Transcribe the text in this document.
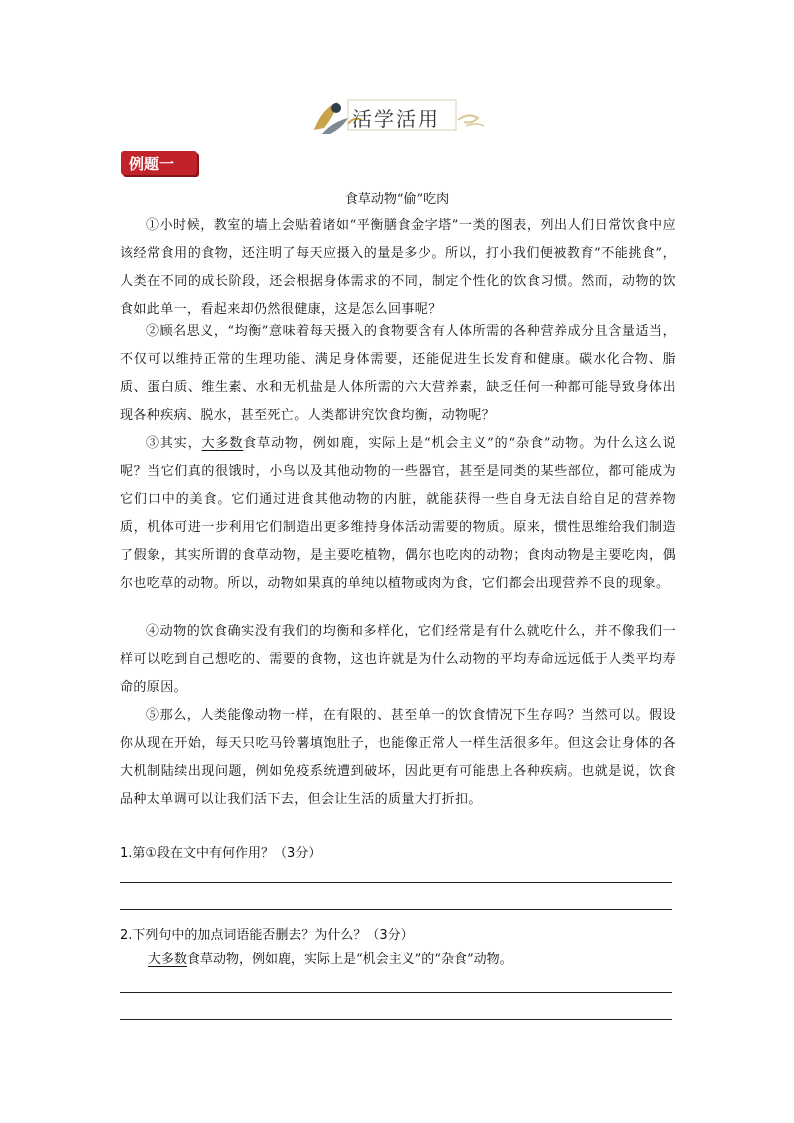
活学活用
例题一
食草动物“偷”吃肉
①小时候，教室的墙上会贴着诸如“平衡膳食金字塔”一类的图表，列出人们日常饮食中应该经常食用的食物，还注明了每天应摄入的量是多少。所以，打小我们便被教育“不能挑食”，人类在不同的成长阶段，还会根据身体需求的不同，制定个性化的饮食习惯。然而，动物的饮食如此单一，看起来却仍然很健康，这是怎么回事呢？
②顾名思义，“均衡”意味着每天摄入的食物要含有人体所需的各种营养成分且含量适当，不仅可以维持正常的生理功能、满足身体需要，还能促进生长发育和健康。碳水化合物、脂质、蛋白质、维生素、水和无机盐是人体所需的六大营养素，缺乏任何一种都可能导致身体出现各种疾病、脱水，甚至死亡。人类都讲究饮食均衡，动物呢？
③其实，大多数食草动物，例如鹿，实际上是“机会主义”的“杂食”动物。为什么这么说呢？当它们真的很饿时，小鸟以及其他动物的一些器官，甚至是同类的某些部位，都可能成为它们口中的美食。它们通过进食其他动物的内脏，就能获得一些自身无法自给自足的营养物质，机体可进一步利用它们制造出更多维持身体活动需要的物质。原来，惯性思维给我们制造了假象，其实所谓的食草动物，是主要吃植物，偶尔也吃肉的动物；食肉动物是主要吃肉，偶尔也吃草的动物。所以，动物如果真的单纯以植物或肉为食，它们都会出现营养不良的现象。
④动物的饮食确实没有我们的均衡和多样化，它们经常是有什么就吃什么，并不像我们一样可以吃到自己想吃的、需要的食物，这也许就是为什么动物的平均寿命远远低于人类平均寿命的原因。
⑤那么，人类能像动物一样，在有限的、甚至单一的饮食情况下生存吗？当然可以。假设你从现在开始，每天只吃马铃薯填饱肚子，也能像正常人一样生活很多年。但这会让身体的各大机制陆续出现问题，例如免疫系统遭到破坏，因此更有可能患上各种疾病。也就是说，饮食品种太单调可以让我们活下去，但会让生活的质量大打折扣。
1.第①段在文中有何作用？（3分）
2.下列句中的加点词语能否删去？为什么？（3分）
大多数食草动物，例如鹿，实际上是“机会主义”的“杂食”动物。
